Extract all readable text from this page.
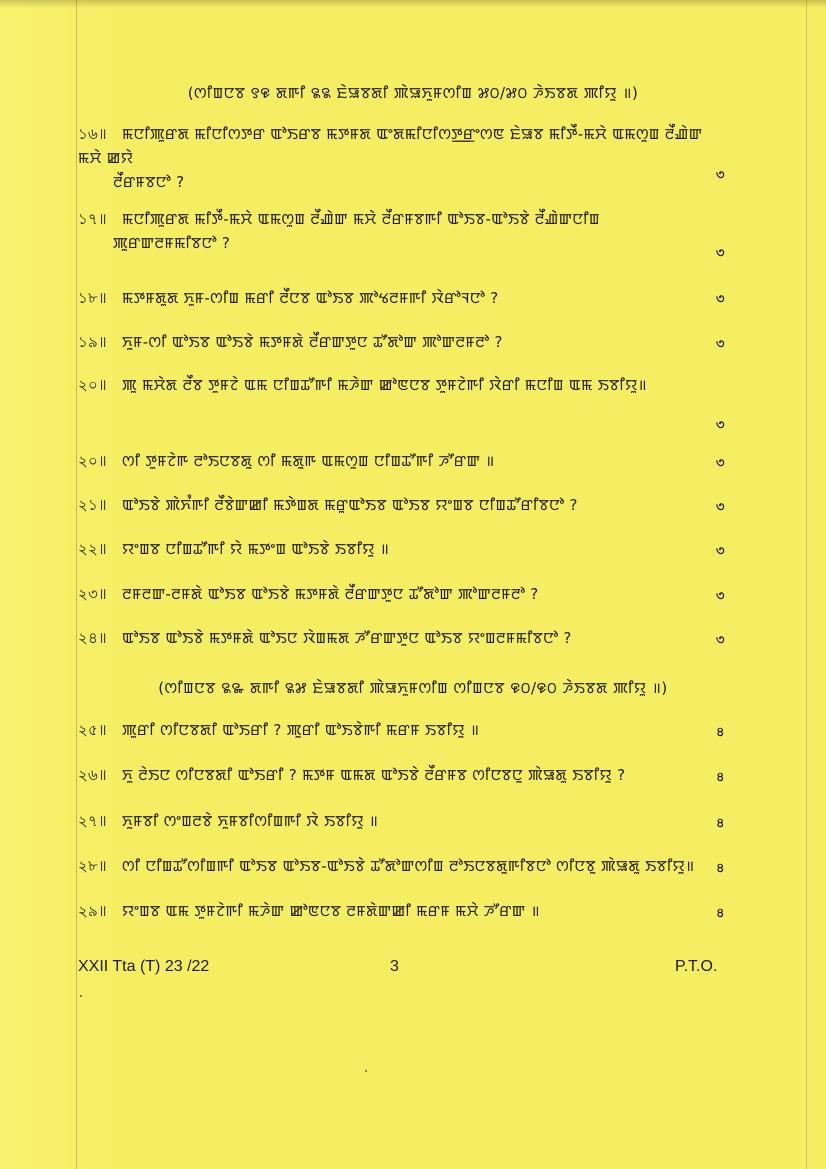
(ꯁꯤꯡꯅꯕ ꯱꯶ ꯗꯒꯤ ꯲꯲ ꯐꯥꯎꯕꯗꯤ ꯄꯥꯎꯈꯨꯝꯁꯤꯡ ꯷꯰/꯷꯰ ꯍꯥꯏꯕꯗ ꯄꯤꯌꯨ ॥)
১৬॥ ꯃꯅꯤꯄꯨꯔꯗ ꯃꯤꯅꯤꯁꯇꯔ ꯑꯣꯏꯔꯕ ꯃꯇꯝꯗ ꯑꯦꯗꯃꯤꯅꯤꯁꯇ꯭ꯔꯦꯁꯟ ꯐꯥꯎꯕ ꯃꯤꯇꯩ-ꯃꯆꯥ ꯑꯃꯁꯨꯡ ꯂꯩꯉꯥꯛ ꯃꯆꯥ ꯀꯌꯥ
ꯂꯩꯔꯝꯕꯅꯣ ?	৩
১৭॥ ꯃꯅꯤꯄꯨꯔꯗ ꯃꯤꯇꯩ-ꯃꯆꯥ ꯑꯃꯁꯨꯡ ꯂꯩꯉꯥꯛ ꯃꯆꯥ ꯂꯩꯔꯝꯕꯒꯤ ꯑꯣꯏꯕ-ꯑꯣꯏꯕꯥ ꯂꯩꯉꯥꯛꯅꯤꯡ
ꯄꯨꯔꯛꯂꯝꯃꯤꯕꯅꯣ ?
৩
১৮॥ ꯃꯇꯝꯗꯨꯗ ꯈꯨꯝ-ꯁꯤꯡ ꯃꯔꯤ ꯂꯩꯅꯕ ꯑꯣꯏꯕ ꯄꯣꯠꯂꯝꯒꯤ ꯋꯥꯔꯣꯜꯅꯣ ?	৩
১৯॥ ꯈꯨꯝ-ꯁꯤ ꯑꯣꯏꯕ ꯑꯣꯏꯕꯥ ꯃꯇꯝꯗꯥ ꯂꯩꯔꯛꯇꯨꯅ ꯊꯧꯗꯣꯛ ꯄꯣꯛꯂꯝꯂꯣ ?	৩
২০॥ ꯄꯨ ꯃꯆꯥꯗ ꯂꯩꯕ ꯇꯨꯝꯖꯥ ꯑꯃ ꯅꯤꯡꯊꯧꯒꯤ ꯃꯍꯥꯛ ꯀꯣꯟꯅꯕ ꯇꯨꯝꯖꯥꯒꯤ ꯋꯥꯔꯤ ꯃꯅꯤꯡ ꯑꯃ ꯏꯕꯤꯌꯨ॥
৩
২০॥ ꯁꯤ ꯇꯨꯝꯖꯥꯒ ꯂꯣꯏꯅꯕꯗꯨ ꯁꯤ ꯃꯗꯨꯒ ꯑꯃꯁꯨꯡ ꯅꯤꯡꯊꯧꯒꯤ ꯍꯧꯔꯛ ॥	৩
২১॥ ꯑꯣꯏꯕꯥ ꯄꯥꯈꯪꯒꯤ ꯂꯩꯕꯥꯛꯀꯤ ꯃꯇꯥꯡꯗ ꯃꯔꯨꯑꯣꯏꯕ ꯑꯣꯏꯕ ꯌꯦꯡꯕ ꯅꯤꯡꯊꯧꯔꯤꯕꯅꯣ ?	৩
২২॥ ꯌꯦꯡꯕ ꯅꯤꯡꯊꯧꯒꯤ ꯌꯥ ꯃꯇꯦꯡ ꯑꯣꯏꯕꯥ ꯏꯕꯤꯌꯨ ॥	৩
২৩॥ ꯂꯝꯂꯛ-ꯂꯝꯗꯥ ꯑꯣꯏꯕ ꯑꯣꯏꯕꯥ ꯃꯇꯝꯗꯥ ꯂꯩꯔꯛꯇꯨꯅ ꯊꯧꯗꯣꯛ ꯄꯣꯛꯂꯝꯂꯣ ?	৩
২৪॥ ꯑꯣꯏꯕ ꯑꯣꯏꯕꯥ ꯃꯇꯝꯗꯥ ꯑꯣꯏꯅ ꯋꯥꯡꯃꯗ ꯍꯧꯔꯛꯇꯨꯅ ꯑꯣꯏꯕ ꯌꯦꯡꯂꯝꯃꯤꯕꯅꯣ ?	৩
(ꯁꯤꯡꯅꯕ ꯲꯳ ꯗꯒꯤ ꯲꯷ ꯐꯥꯎꯕꯗꯤ ꯄꯥꯎꯈꯨꯝꯁꯤꯡ ꯁꯤꯡꯅꯕ ꯶꯰/꯶꯰ ꯍꯥꯏꯕꯗ ꯄꯤꯌꯨ ॥)
২৫॥ ꯄꯨꯔꯤ ꯁꯤꯅꯕꯗꯤ ꯑꯣꯏꯔꯤ ? ꯄꯨꯔꯤ ꯑꯣꯏꯕꯥꯒꯤ ꯃꯔꯝ ꯏꯕꯤꯌꯨ ॥	৪
২৬॥ ꯈꯨ ꯂꯥꯏꯅ ꯁꯤꯅꯕꯗꯤ ꯑꯣꯏꯔꯤ ? ꯃꯇꯝ ꯑꯃꯗ ꯑꯣꯏꯕꯥ ꯂꯩꯔꯝꯕ ꯁꯤꯅꯕꯅꯨ ꯄꯥꯎꯗꯨ ꯏꯕꯤꯌꯨ ?	৪
২৭॥ ꯈꯨꯝꯕꯤ ꯁꯦꯡꯂꯕꯥ ꯈꯨꯝꯕꯤꯁꯤꯡꯒꯤ ꯋꯥ ꯏꯕꯤꯌꯨ ॥	৪
২৮॥ ꯁꯤ ꯅꯤꯡꯊꯧꯁꯤꯡꯒꯤ ꯑꯣꯏꯕ ꯑꯣꯏꯕ-ꯑꯣꯏꯕꯥ ꯊꯧꯗꯣꯛꯁꯤꯡ ꯂꯣꯏꯅꯕꯗꯨꯒꯤꯕꯅꯣ ꯁꯤꯅꯕꯨ ꯄꯥꯎꯗꯨ ꯏꯕꯤꯌꯨ॥	৪
২৯॥ ꯌꯦꯡꯕ ꯑꯃ ꯇꯨꯝꯖꯥꯒꯤ ꯃꯍꯥꯛ ꯀꯣꯟꯅꯕ ꯂꯝꯗꯥꯛꯀꯤ ꯃꯔꯝ ꯃꯆꯥ ꯍꯧꯔꯛ ॥	৪
XXII Tta (T) 23 /22	3	P.T.O.
